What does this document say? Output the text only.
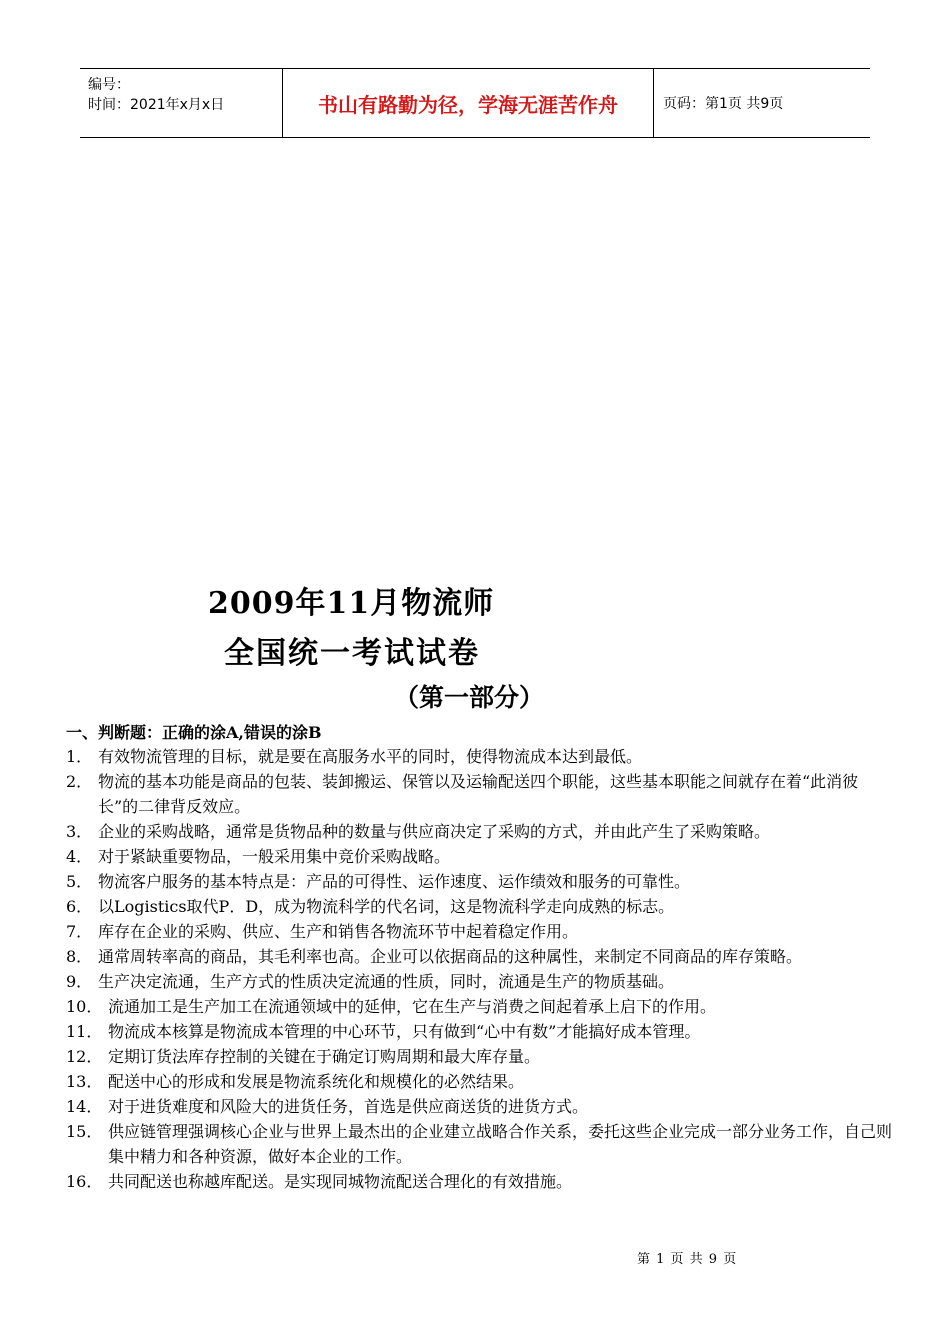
编号：
时间：2021年x月x日	书山有路勤为径，学海无涯苦作舟	页码：第1页 共9页
2009年11月物流师
全国统一考试试卷
（第一部分）
一、判断题：正确的涂A,错误的涂B
1． 有效物流管理的目标，就是要在高服务水平的同时，使得物流成本达到最低。
2． 物流的基本功能是商品的包装、装卸搬运、保管以及运输配送四个职能，这些基本职能之间就存在着“此消彼长”的二律背反效应。
3． 企业的采购战略，通常是货物品种的数量与供应商决定了采购的方式，并由此产生了采购策略。
4． 对于紧缺重要物品，一般采用集中竞价采购战略。
5． 物流客户服务的基本特点是：产品的可得性、运作速度、运作绩效和服务的可靠性。
6． 以Logistics取代P．D，成为物流科学的代名词，这是物流科学走向成熟的标志。
7． 库存在企业的采购、供应、生产和销售各物流环节中起着稳定作用。
8． 通常周转率高的商品，其毛利率也高。企业可以依据商品的这种属性，来制定不同商品的库存策略。
9． 生产决定流通，生产方式的性质决定流通的性质，同时，流通是生产的物质基础。
10． 流通加工是生产加工在流通领域中的延伸，它在生产与消费之间起着承上启下的作用。
11． 物流成本核算是物流成本管理的中心环节，只有做到“心中有数”才能搞好成本管理。
12． 定期订货法库存控制的关键在于确定订购周期和最大库存量。
13． 配送中心的形成和发展是物流系统化和规模化的必然结果。
14． 对于进货难度和风险大的进货任务，首选是供应商送货的进货方式。
15． 供应链管理强调核心企业与世界上最杰出的企业建立战略合作关系，委托这些企业完成一部分业务工作，自己则集中精力和各种资源，做好本企业的工作。
16． 共同配送也称越库配送。是实现同城物流配送合理化的有效措施。
第 1 页 共 9 页
